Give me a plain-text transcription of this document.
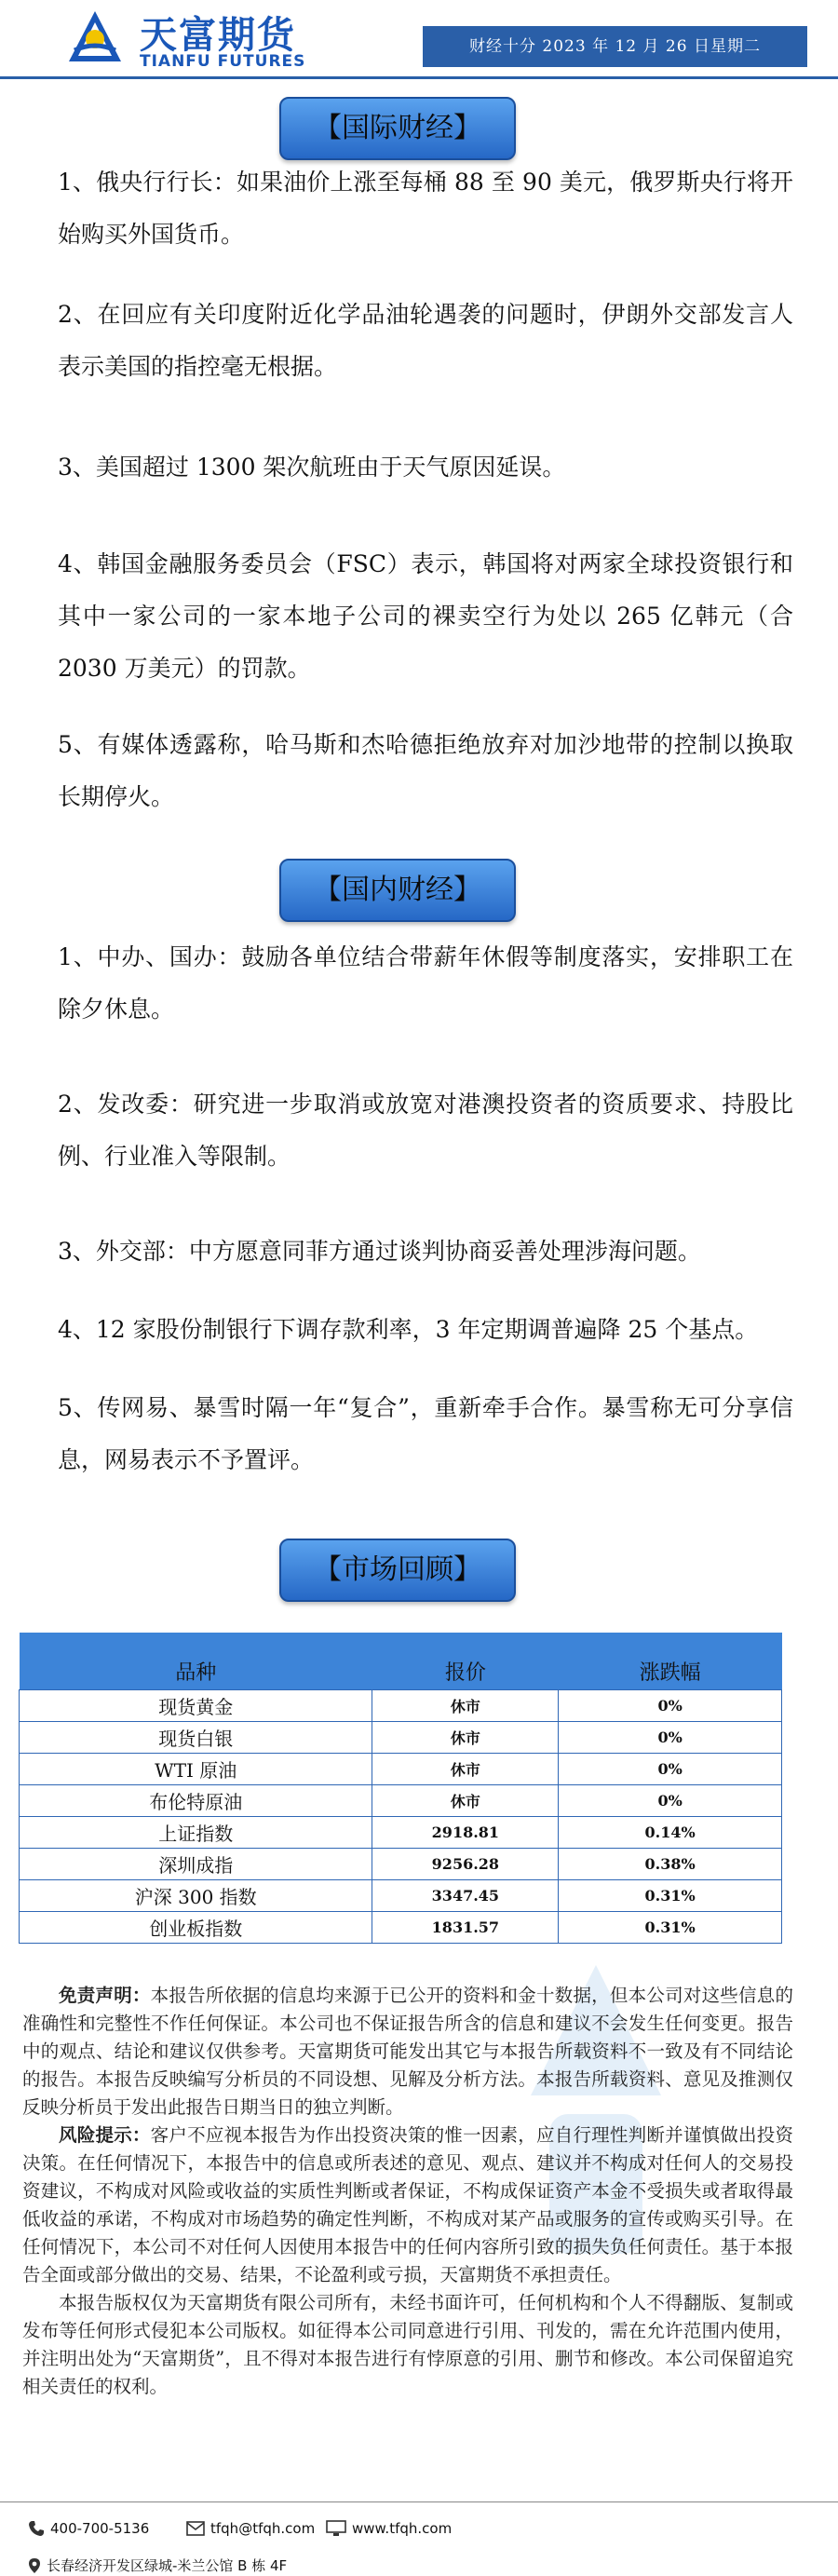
天富期货
TIANFU FUTURES
财经十分 2023 年 12 月 26 日星期二
【国际财经】
1、俄央行行长：如果油价上涨至每桶 88 至 90 美元，俄罗斯央行将开始购买外国货币。
2、在回应有关印度附近化学品油轮遇袭的问题时，伊朗外交部发言人表示美国的指控毫无根据。
3、美国超过 1300 架次航班由于天气原因延误。
4、韩国金融服务委员会（FSC）表示，韩国将对两家全球投资银行和其中一家公司的一家本地子公司的裸卖空行为处以 265 亿韩元（合 2030 万美元）的罚款。
5、有媒体透露称，哈马斯和杰哈德拒绝放弃对加沙地带的控制以换取长期停火。
【国内财经】
1、中办、国办：鼓励各单位结合带薪年休假等制度落实，安排职工在除夕休息。
2、发改委：研究进一步取消或放宽对港澳投资者的资质要求、持股比例、行业准入等限制。
3、外交部：中方愿意同菲方通过谈判协商妥善处理涉海问题。
4、12 家股份制银行下调存款利率，3 年定期调普遍降 25 个基点。
5、传网易、暴雪时隔一年“复合”，重新牵手合作。暴雪称无可分享信息，网易表示不予置评。
【市场回顾】
品种	报价	涨跌幅
现货黄金	休市	0%
现货白银	休市	0%
WTI 原油	休市	0%
布伦特原油	休市	0%
上证指数	2918.81	0.14%
深圳成指	9256.28	0.38%
沪深 300 指数	3347.45	0.31%
创业板指数	1831.57	0.31%

免责声明：本报告所依据的信息均来源于已公开的资料和金十数据，但本公司对这些信息的准确性和完整性不作任何保证。本公司也不保证报告所含的信息和建议不会发生任何变更。报告中的观点、结论和建议仅供参考。天富期货可能发出其它与本报告所载资料不一致及有不同结论的报告。本报告反映编写分析员的不同设想、见解及分析方法。本报告所载资料、意见及推测仅反映分析员于发出此报告日期当日的独立判断。

风险提示：客户不应视本报告为作出投资决策的惟一因素，应自行理性判断并谨慎做出投资决策。在任何情况下，本报告中的信息或所表述的意见、观点、建议并不构成对任何人的交易投资建议，不构成对风险或收益的实质性判断或者保证，不构成保证资产本金不受损失或者取得最低收益的承诺，不构成对市场趋势的确定性判断，不构成对某产品或服务的宣传或购买引导。在任何情况下，本公司不对任何人因使用本报告中的任何内容所引致的损失负任何责任。基于本报告全面或部分做出的交易、结果，不论盈利或亏损，天富期货不承担责任。

本报告版权仅为天富期货有限公司所有，未经书面许可，任何机构和个人不得翻版、复制或发布等任何形式侵犯本公司版权。如征得本公司同意进行引用、刊发的，需在允许范围内使用，并注明出处为“天富期货”，且不得对本报告进行有悖原意的引用、删节和修改。本公司保留追究相关责任的权利。

400-700-5136	tfqh@tfqh.com	www.tfqh.com
长春经济开发区绿城-米兰公馆 B 栋 4F
